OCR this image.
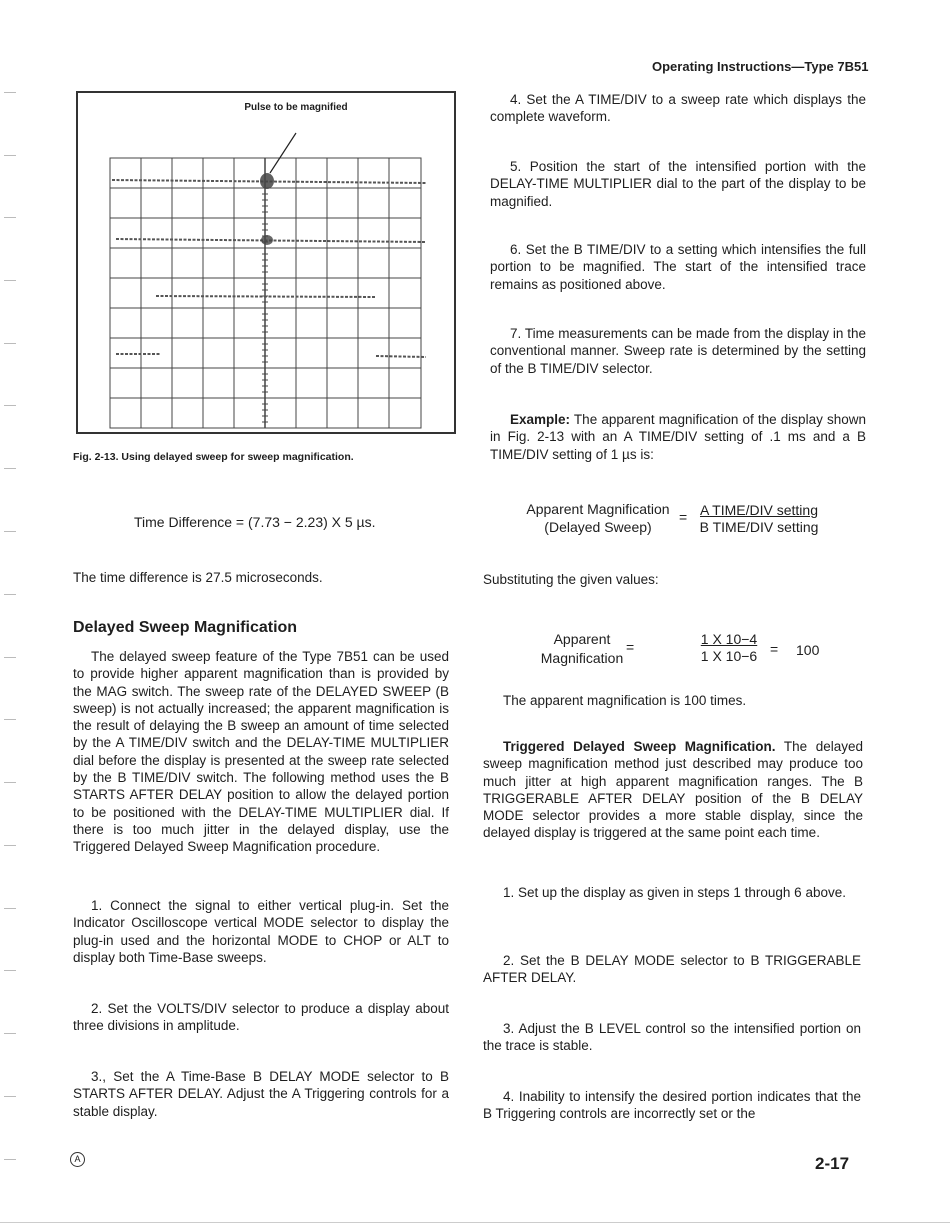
Operating Instructions—Type 7B51
Pulse to be magnified
Fig. 2-13. Using delayed sweep for sweep magnification.
Time Difference = (7.73 − 2.23) X 5 µs.
The time difference is 27.5 microseconds.
Delayed Sweep Magnification
The delayed sweep feature of the Type 7B51 can be used to provide higher apparent magnification than is provided by the MAG switch. The sweep rate of the DELAYED SWEEP (B sweep) is not actually increased; the apparent magnification is the result of delaying the B sweep an amount of time selected by the A TIME/DIV switch and the DELAY-TIME MULTIPLIER dial before the display is presented at the sweep rate selected by the B TIME/DIV switch. The following method uses the B STARTS AFTER DELAY position to allow the delayed portion to be positioned with the DELAY-TIME MULTIPLIER dial. If there is too much jitter in the delayed display, use the Triggered Delayed Sweep Magnification procedure.
1. Connect the signal to either vertical plug-in. Set the Indicator Oscilloscope vertical MODE selector to display the plug-in used and the horizontal MODE to CHOP or ALT to display both Time-Base sweeps.
2. Set the VOLTS/DIV selector to produce a display about three divisions in amplitude.
3., Set the A Time-Base B DELAY MODE selector to B STARTS AFTER DELAY. Adjust the A Triggering controls for a stable display.
4. Set the A TIME/DIV to a sweep rate which displays the complete waveform.
5. Position the start of the intensified portion with the DELAY-TIME MULTIPLIER dial to the part of the display to be magnified.
6. Set the B TIME/DIV to a setting which intensifies the full portion to be magnified. The start of the intensified trace remains as positioned above.
7. Time measurements can be made from the display in the conventional manner. Sweep rate is determined by the setting of the B TIME/DIV selector.
Example: The apparent magnification of the display shown in Fig. 2-13 with an A TIME/DIV setting of .1 ms and a B TIME/DIV setting of 1 µs is:
Apparent Magnification
(Delayed Sweep)
= A TIME/DIV setting
B TIME/DIV setting
Substituting the given values:
Apparent
Magnification
=	$\frac{1 X 10-4}{1 X 10-6} = 100$
The apparent magnification is 100 times.
Triggered Delayed Sweep Magnification. The delayed sweep magnification method just described may produce too much jitter at high apparent magnification ranges. The B TRIGGERABLE AFTER DELAY position of the B DELAY MODE selector provides a more stable display, since the delayed display is triggered at the same point each time.
1. Set up the display as given in steps 1 through 6 above.
2. Set the B DELAY MODE selector to B TRIGGERABLE AFTER DELAY.
3. Adjust the B LEVEL control so the intensified portion on the trace is stable.
4. Inability to intensify the desired portion indicates that the B Triggering controls are incorrectly set or the
A	2-17
